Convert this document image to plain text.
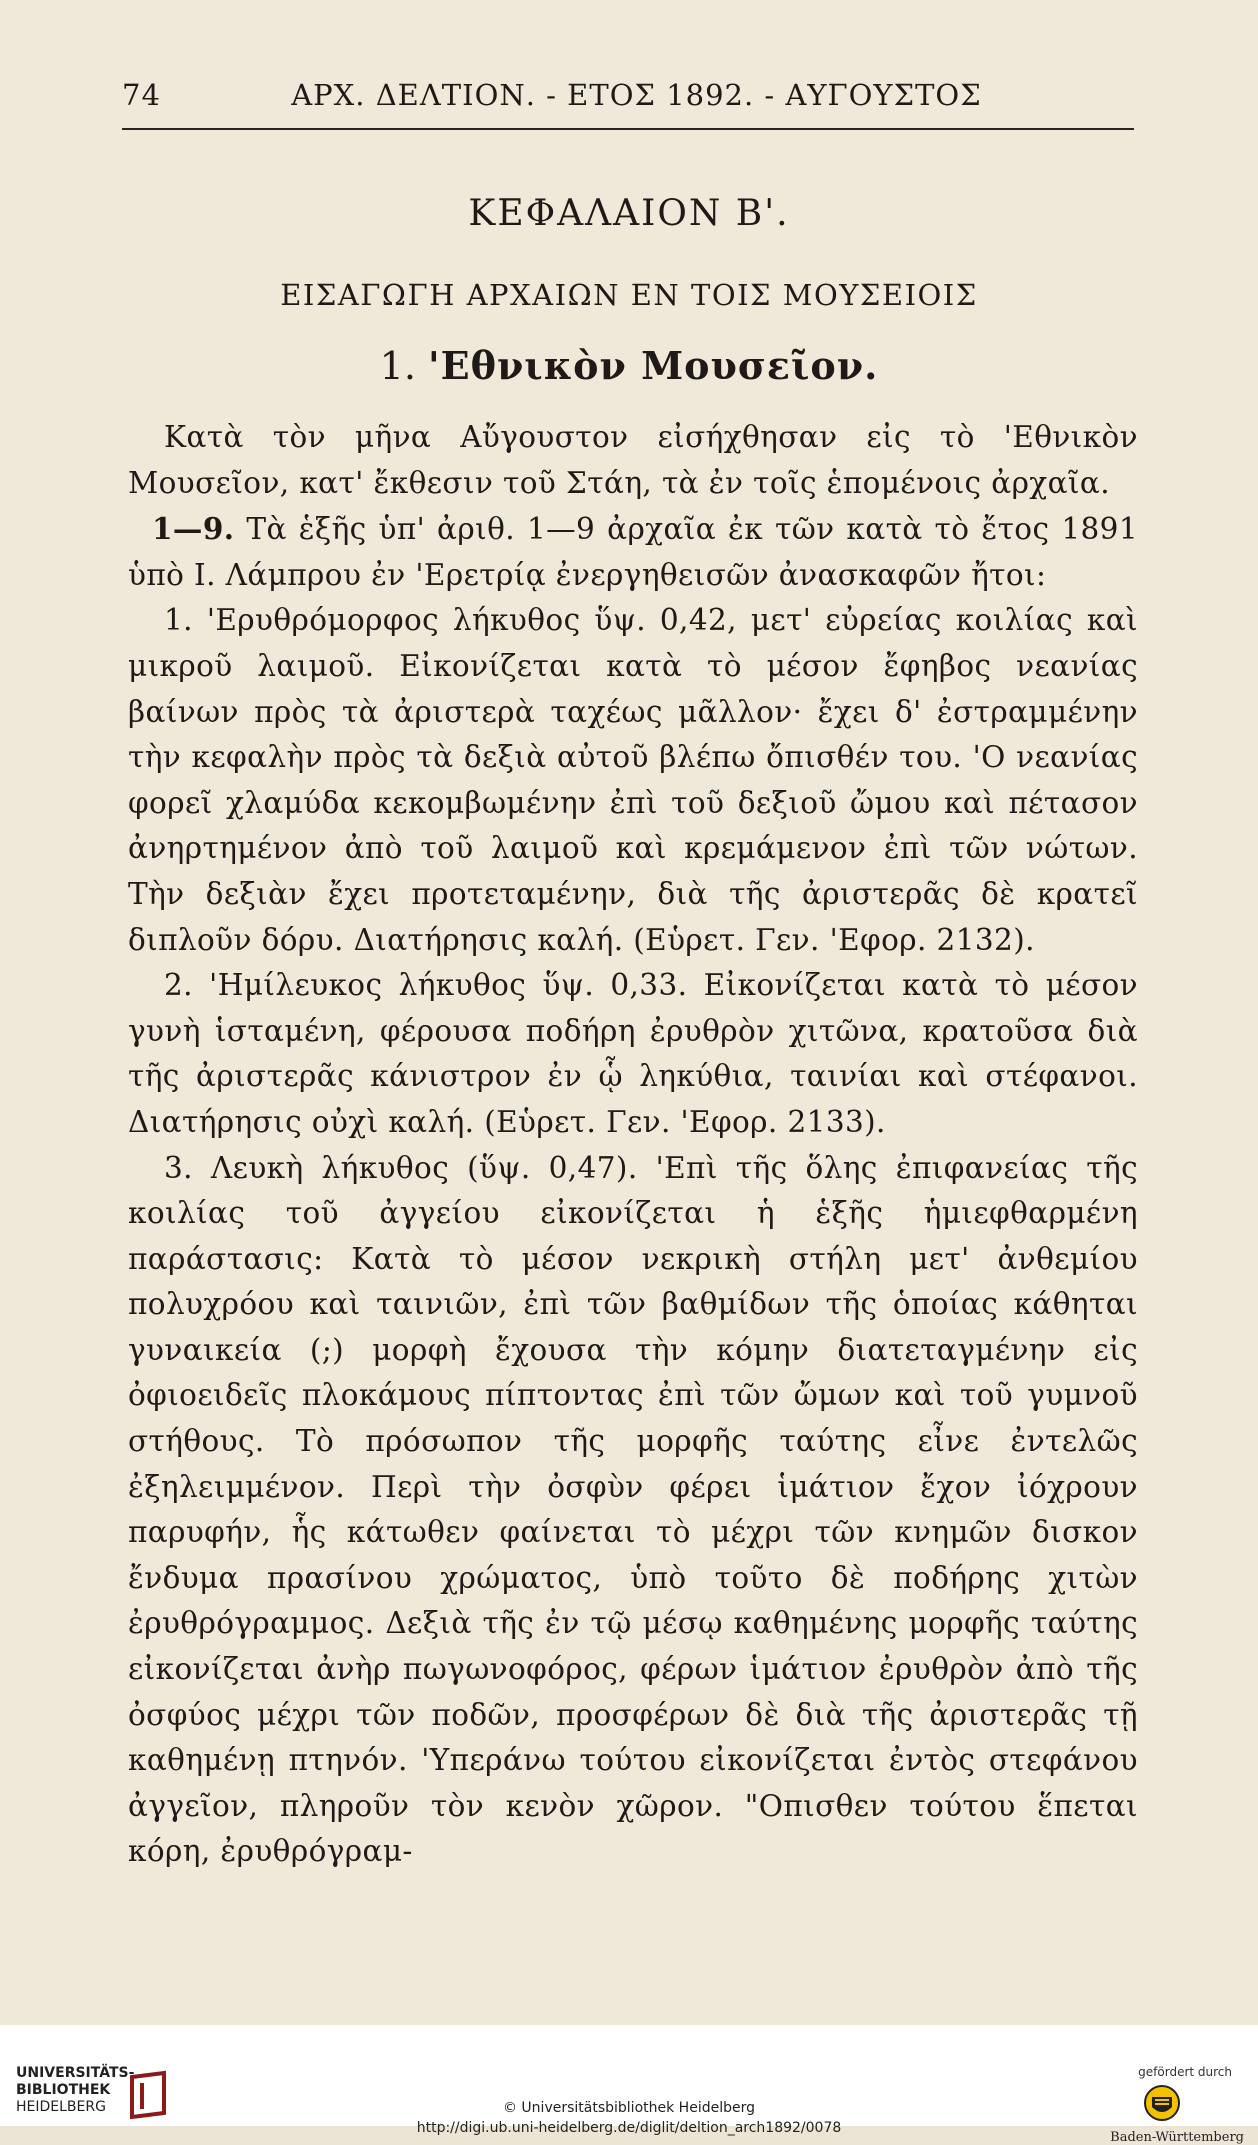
74	ΑΡΧ. ΔΕΛΤΙΟΝ. - ΕΤΟΣ 1892. - ΑΥΓΟΥΣΤΟΣ
ΚΕΦΑΛΑΙΟΝ Β'.
ΕΙΣΑΓΩΓΗ ΑΡΧΑΙΩΝ ΕΝ ΤΟΙΣ ΜΟΥΣΕΙΟΙΣ
1. 'Εθνικὸν Μουσεῖον.

Κατὰ τὸν μῆνα Αὔγουστον εἰσήχθησαν εἰς τὸ 'Εθνικὸν Μουσεῖον, κατ' ἔκθεσιν τοῦ Στάη, τὰ ἐν τοῖς ἑπομένοις ἀρχαῖα.

1—9. Τὰ ἑξῆς ὑπ' ἀριθ. 1—9 ἀρχαῖα ἐκ τῶν κατὰ τὸ ἔτος 1891 ὑπὸ Ι. Λάμπρου ἐν 'Ερετρίᾳ ἐνεργηθεισῶν ἀνασκαφῶν ἤτοι:

1. 'Ερυθρόμορφος λήκυθος ὕψ. 0,42, μετ' εὐρείας κοιλίας καὶ μικροῦ λαιμοῦ. Εἰκονίζεται κατὰ τὸ μέσον ἔφηβος νεανίας βαίνων πρὸς τὰ ἀριστερὰ ταχέως μᾶλλον· ἔχει δ' ἐστραμμένην τὴν κεφαλὴν πρὸς τὰ δεξιὰ αὐτοῦ βλέπω ὄπισθέν του. 'Ο νεανίας φορεῖ χλαμύδα κεκομβωμένην ἐπὶ τοῦ δεξιοῦ ὤμου καὶ πέτασον ἀνηρτημένον ἀπὸ τοῦ λαιμοῦ καὶ κρεμάμενον ἐπὶ τῶν νώτων. Τὴν δεξιὰν ἔχει προτεταμένην, διὰ τῆς ἀριστερᾶς δὲ κρατεῖ διπλοῦν δόρυ. Διατήρησις καλή. (Εὑρετ. Γεν. 'Εφορ. 2132).

2. 'Ημίλευκος λήκυθος ὕψ. 0,33. Εἰκονίζεται κατὰ τὸ μέσον γυνὴ ἱσταμένη, φέρουσα ποδήρη ἐρυθρὸν χιτῶνα, κρατοῦσα διὰ τῆς ἀριστερᾶς κάνιστρον ἐν ᾧ ληκύθια, ταινίαι καὶ στέφανοι. Διατήρησις οὐχὶ καλή. (Εὑρετ. Γεν. 'Εφορ. 2133).

3. Λευκὴ λήκυθος (ὕψ. 0,47). 'Επὶ τῆς ὅλης ἐπιφανείας τῆς κοιλίας τοῦ ἀγγείου εἰκονίζεται ἡ ἑξῆς ἡμιεφθαρμένη παράστασις: Κατὰ τὸ μέσον νεκρικὴ στήλη μετ' ἀνθεμίου πολυχρόου καὶ ταινιῶν, ἐπὶ τῶν βαθμίδων τῆς ὁποίας κάθηται γυναικεία (;) μορφὴ ἔχουσα τὴν κόμην διατεταγμένην εἰς ὀφιοειδεῖς πλοκάμους πίπτοντας ἐπὶ τῶν ὤμων καὶ τοῦ γυμνοῦ στήθους. Τὸ πρόσωπον τῆς μορφῆς ταύτης εἶνε ἐντελῶς ἐξηλειμμένον. Περὶ τὴν ὀσφὺν φέρει ἱμάτιον ἔχον ἰόχρουν παρυφήν, ἧς κάτωθεν φαίνεται τὸ μέχρι τῶν κνημῶν δισκον ἔνδυμα πρασίνου χρώματος, ὑπὸ τοῦτο δὲ ποδήρης χιτὼν ἐρυθρόγραμμος. Δεξιὰ τῆς ἐν τῷ μέσῳ καθημένης μορφῆς ταύτης εἰκονίζεται ἀνὴρ πωγωνοφόρος, φέρων ἱμάτιον ἐρυθρὸν ἀπὸ τῆς ὀσφύος μέχρι τῶν ποδῶν, προσφέρων δὲ διὰ τῆς ἀριστερᾶς τῇ καθημένῃ πτηνόν. 'Υπεράνω τούτου εἰκονίζεται ἐντὸς στεφάνου ἀγγεῖον, πληροῦν τὸν κενὸν χῶρον. "Οπισθεν τούτου ἕπεται κόρη, ἐρυθρόγραμ-

UNIVERSITÄTS-
BIBLIOTHEK
HEIDELBERG	© Universitätsbibliothek Heidelberg
http://digi.ub.uni-heidelberg.de/diglit/deltion_arch1892/0078
gefördert durch
Baden-Württemberg
